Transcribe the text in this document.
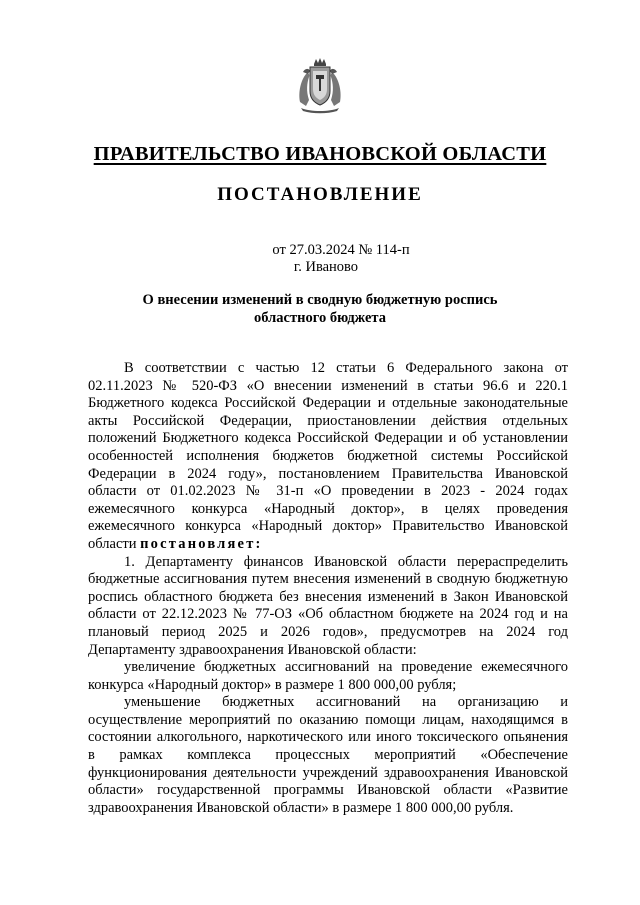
ПРАВИТЕЛЬСТВО ИВАНОВСКОЙ ОБЛАСТИ
ПОСТАНОВЛЕНИЕ
от 27.03.2024 № 114-п
г. Иваново
О внесении изменений в сводную бюджетную роспись
областного бюджета

В соответствии с частью 12 статьи 6 Федерального закона от 02.11.2023 № 520-ФЗ «О внесении изменений в статьи 96.6 и 220.1 Бюджетного кодекса Российской Федерации и отдельные законодательные акты Российской Федерации, приостановлении действия отдельных положений Бюджетного кодекса Российской Федерации и об установлении особенностей исполнения бюджетов бюджетной системы Российской Федерации в 2024 году», постановлением Правительства Ивановской области от 01.02.2023 № 31-п «О проведении в 2023 - 2024 годах ежемесячного конкурса «Народный доктор», в целях проведения ежемесячного конкурса «Народный доктор» Правительство Ивановской области постановляет:

1. Департаменту финансов Ивановской области перераспределить бюджетные ассигнования путем внесения изменений в сводную бюджетную роспись областного бюджета без внесения изменений в Закон Ивановской области от 22.12.2023 № 77-ОЗ «Об областном бюджете на 2024 год и на плановый период 2025 и 2026 годов», предусмотрев на 2024 год Департаменту здравоохранения Ивановской области:

увеличение бюджетных ассигнований на проведение ежемесячного конкурса «Народный доктор» в размере 1 800 000,00 рубля;

уменьшение бюджетных ассигнований на организацию и осуществление мероприятий по оказанию помощи лицам, находящимся в состоянии алкогольного, наркотического или иного токсического опьянения в рамках комплекса процессных мероприятий «Обеспечение функционирования деятельности учреждений здравоохранения Ивановской области» государственной программы Ивановской области «Развитие здравоохранения Ивановской области» в размере 1 800 000,00 рубля.
